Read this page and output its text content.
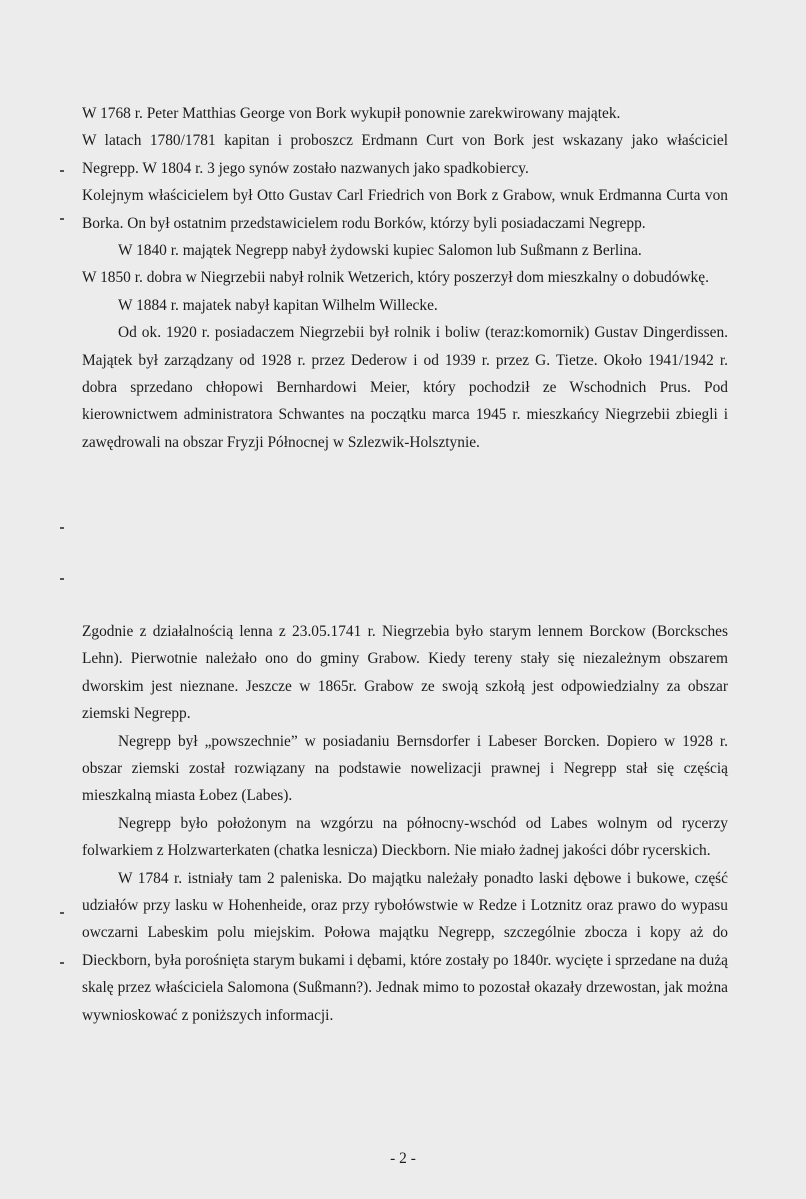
W 1768 r. Peter Matthias George von Bork wykupił ponownie zarekwirowany majątek.

W latach 1780/1781 kapitan i proboszcz Erdmann Curt von Bork jest wskazany jako właściciel Negrepp. W 1804 r. 3 jego synów zostało nazwanych jako spadkobiercy.

Kolejnym właścicielem był Otto Gustav Carl Friedrich von Bork z Grabow, wnuk Erdmanna Curta von Borka. On był ostatnim przedstawicielem rodu Borków, którzy byli posiadaczami Negrepp.

W 1840 r. majątek Negrepp nabył żydowski kupiec Salomon lub Sußmann z Berlina.

W 1850 r. dobra w Niegrzebii nabył rolnik Wetzerich, który poszerzył dom mieszkalny o dobudówkę.

W 1884 r. majatek nabył kapitan Wilhelm Willecke.

Od ok. 1920 r. posiadaczem Niegrzebii był rolnik i boliw (teraz:komornik) Gustav Dingerdissen. Majątek był zarządzany od 1928 r. przez Dederow i od 1939 r. przez G. Tietze. Około 1941/1942 r. dobra sprzedano chłopowi Bernhardowi Meier, który pochodził ze Wschodnich Prus. Pod kierownictwem administratora Schwantes na początku marca 1945 r. mieszkańcy Niegrzebii zbiegli i zawędrowali na obszar Fryzji Północnej w Szlezwik-Holsztynie.

Zgodnie z działalnością lenna z 23.05.1741 r. Niegrzebia było starym lennem Borckow (Borcksches Lehn). Pierwotnie należało ono do gminy Grabow. Kiedy tereny stały się niezależnym obszarem dworskim jest nieznane. Jeszcze w 1865r. Grabow ze swoją szkołą jest odpowiedzialny za obszar ziemski Negrepp.

Negrepp był „powszechnie” w posiadaniu Bernsdorfer i Labeser Borcken. Dopiero w 1928 r. obszar ziemski został rozwiązany na podstawie nowelizacji prawnej i Negrepp stał się częścią mieszkalną miasta Łobez (Labes).

Negrepp było położonym na wzgórzu na północny-wschód od Labes wolnym od rycerzy folwarkiem z Holzwarterkaten (chatka lesnicza) Dieckborn. Nie miało żadnej jakości dóbr rycerskich.

W 1784 r. istniały tam 2 paleniska. Do majątku należały ponadto laski dębowe i bukowe, część udziałów przy lasku w Hohenheide, oraz przy rybołówstwie w Redze i Lotznitz oraz prawo do wypasu owczarni Labeskim polu miejskim. Połowa majątku Negrepp, szczególnie zbocza i kopy aż do Dieckborn, była porośnięta starym bukami i dębami, które zostały po 1840r. wycięte i sprzedane na dużą skalę przez właściciela Salomona (Sußmann?). Jednak mimo to pozostał okazały drzewostan, jak można wywnioskować z poniższych informacji.

- 2 -
